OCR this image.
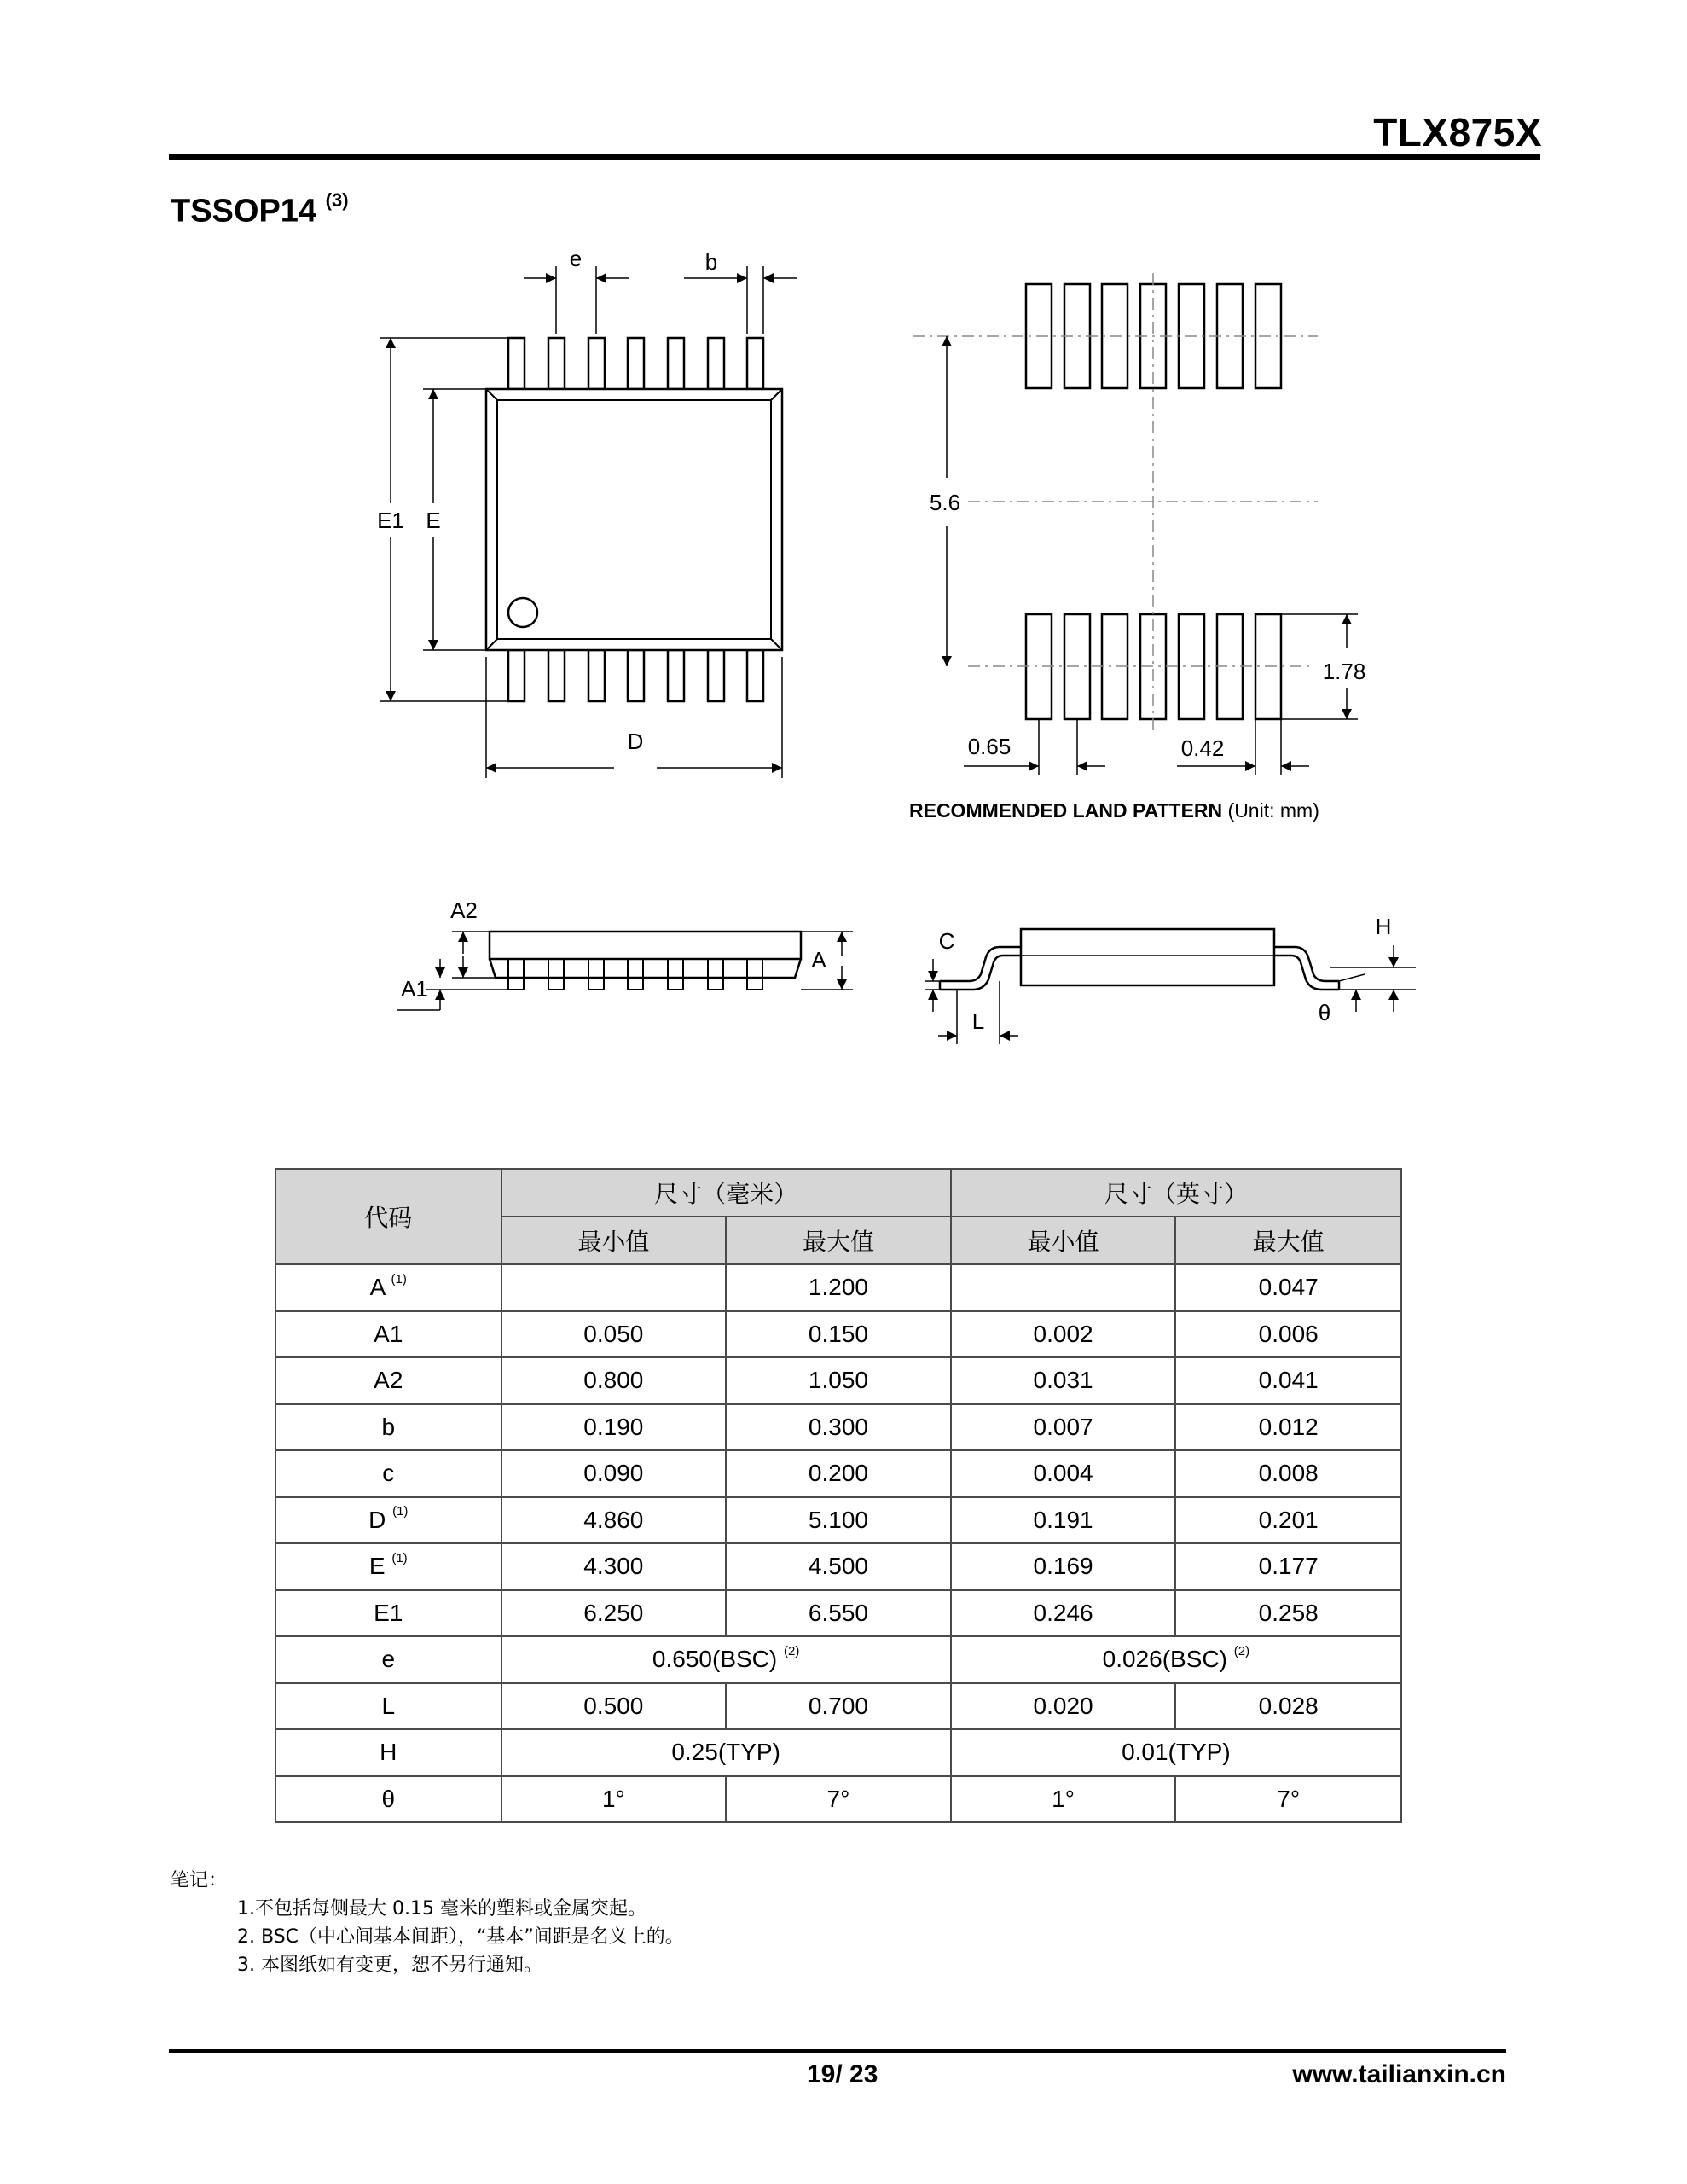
TLX875X
TSSOP14 $^{(3)}$
e	b
E1 E
D
5.6
1.78
0.65	0.42
A2
A1
A
C
L
H
θ
RECOMMENDED LAND PATTERN (Unit: mm)
代码	尺寸（毫米）		尺寸（英寸）	
	最小值	最大值	最小值	最大值
A $^{(1)}$		1.200		0.047
A1	0.050	0.150	0.002	0.006
A2	0.800	1.050	0.031	0.041
b	0.190	0.300	0.007	0.012
c	0.090	0.200	0.004	0.008
D $^{(1)}$	4.860	5.100	0.191	0.201
E $^{(1)}$	4.300	4.500	0.169	0.177
E1	6.250	6.550	0.246	0.258
e	0.650(BSC) $^{(2)}$		0.026(BSC) $^{(2)}$
L	0.500	0.700	0.020	0.028
H	0.25(TYP)		0.01(TYP)	
θ	1°	7°	1°	7°
笔记：
1.不包括每侧最大 0.15 毫米的塑料或金属突起。
2. BSC（中心间基本间距），“基本”间距是名义上的。
3. 本图纸如有变更，恕不另行通知。
19/ 23	www.tailianxin.cn
